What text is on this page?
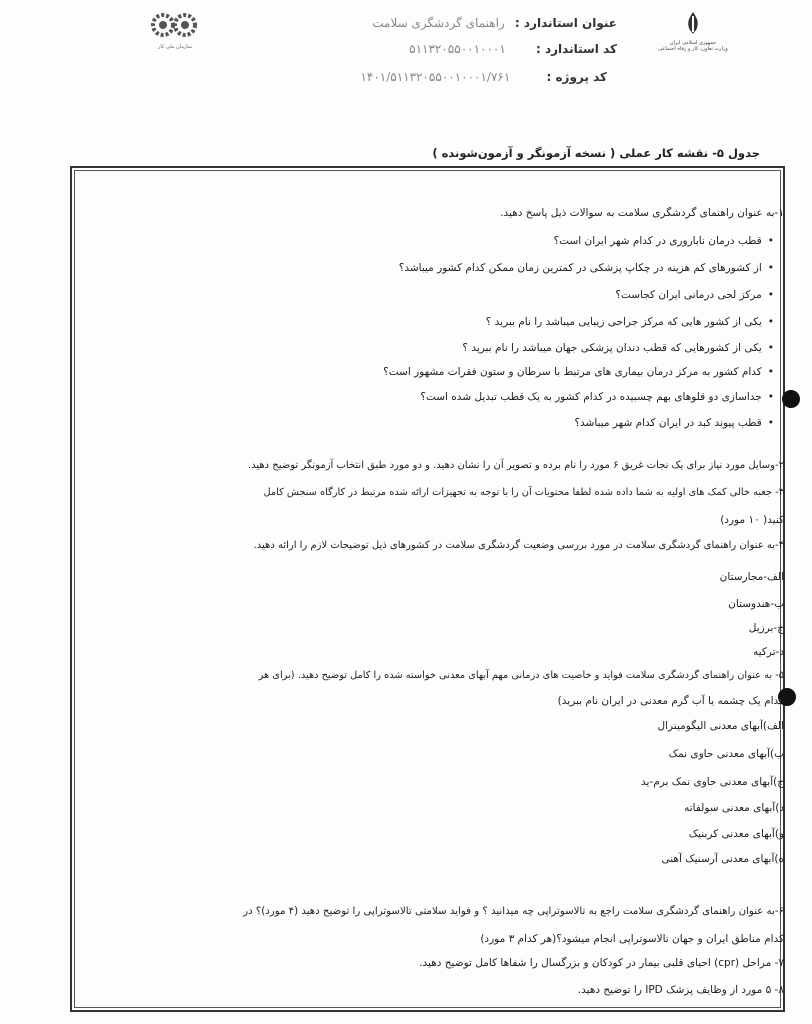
سازمان ملی کار
جمهوری اسلامی ایران
وزارت تعاون، کار و رفاه اجتماعی
عنوان استاندارد : راهنمای گردشگری سلامت
کد استاندارد : ۵۱۱۳۲۰۵۵۰۰۱۰۰۰۱
کد پروژه : ۱۴۰۱/۵۱۱۳۲۰۵۵۰۰۱۰۰۰۱/۷۶۱
جدول ۵- نقشه کار عملی ( نسخه آزمونگر و آزمون‌شونده )
۱-به عنوان راهنمای گردشگری سلامت به سوالات ذیل پاسخ دهید.
• قطب درمان ناباروری در کدام شهر ایران است؟
• از کشورهای کم هزینه در چکاپ پزشکی در کمترین زمان ممکن کدام کشور میباشد؟
• مرکز لحی درمانی ایران کجاست؟
• یکی از کشور هایی که مرکز جراحی زیبایی میباشد را نام ببرید ؟
• یکی از کشورهایی که قطب دندان پزشکی جهان میباشد را نام ببرید ؟
• کدام کشور به مرکز درمان بیماری های مرتبط با سرطان و ستون فقرات مشهور است؟
• جداسازی دو قلوهای بهم چسبیده در کدام کشور به یک قطب تبدیل شده است؟
• قطب پیوند کبد در ایران کدام شهر میباشد؟
۲-وسایل مورد نیاز برای یک نجات غریق ۶ مورد را نام برده و تصویر آن را نشان دهید. و دو مورد طبق انتخاب آزمونگر توضیح دهید.
۳- جعبه خالی کمک های اولیه به شما داده شده لطفا محتویات آن را با توجه به تجهیزات ارائه شده مرتبط در کارگاه سنجش کامل
کنید( ۱۰ مورد)
۴-به عنوان راهنمای گردشگری سلامت در مورد بررسی وضعیت گردشگری سلامت در کشورهای ذیل توضیحات لازم را ارائه دهید.
الف-مجارستان
ب-هندوستان
ج-برزیل
د-ترکیه
۵- به عنوان راهنمای گردشگری سلامت فواید و خاصیت های درمانی مهم آبهای معدنی خواسته شده را کامل توضیح دهید. (برای هر
کدام یک چشمه یا آب گرم معدنی در ایران نام ببرید)
الف)آبهای معدنی الیگومینرال
ب)آبهای معدنی حاوی نمک
ج)آبهای معدنی حاوی نمک برم-ید
د)آبهای معدنی سولفاته
و)آبهای معدنی کربنیک
ه)آبهای معدنی آرسنیک آهنی
۶-به عنوان راهنمای گردشگری سلامت راجع به تالاسوتراپی چه میدانید ؟ و فواید سلامتی تالاسوتراپی را توضیح دهید (۴ مورد)؟ در
کدام مناطق ایران و جهان تالاسوتراپی انجام میشود؟(هر کدام ۳ مورد)
۷- مراحل (cpr) احیای قلبی بیمار در کودکان و بزرگسال را شفاها کامل توضیح دهید.
۸- ۵ مورد از وظایف پزشک IPD را توضیح دهید.
